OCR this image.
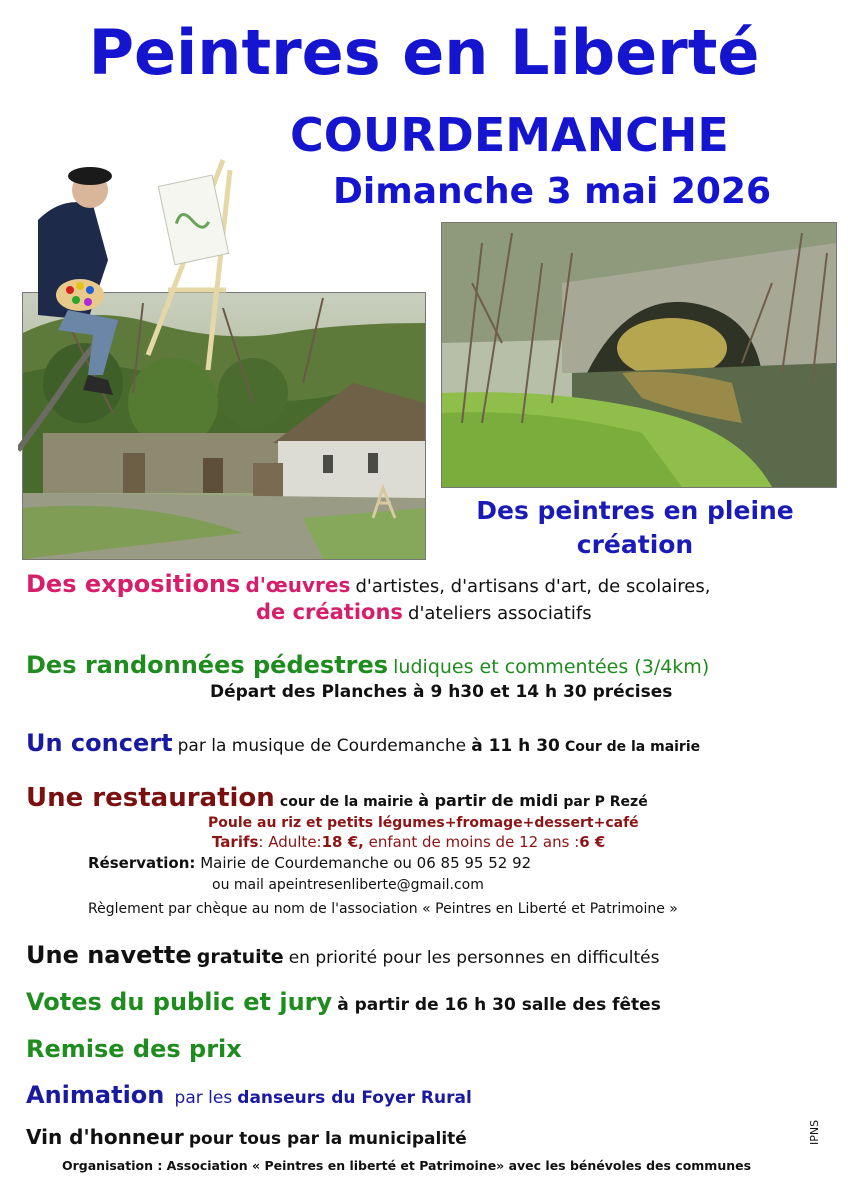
Peintres en Liberté
COURDEMANCHE
Dimanche 3 mai 2026
Des peintres en pleine
création
Des expositions d'œuvres d'artistes, d'artisans d'art, de scolaires,
de créations d'ateliers associatifs
Des randonnées pédestres ludiques et commentées (3/4km)
Départ des Planches à 9 h30 et 14 h 30 précises
Un concert par la musique de Courdemanche à 11 h 30 Cour de la mairie
Une restauration cour de la mairie à partir de midi par P Rezé
Poule au riz et petits légumes+fromage+dessert+café
Tarifs: Adulte:18 €, enfant de moins de 12 ans :6 €
Réservation: Mairie de Courdemanche ou 06 85 95 52 92
ou mail apeintresenliberte@gmail.com
Règlement par chèque au nom de l'association « Peintres en Liberté et Patrimoine »
Une navette gratuite en priorité pour les personnes en difficultés
Votes du public et jury à partir de 16 h 30 salle des fêtes
Remise des prix
Animation par les danseurs du Foyer Rural
Vin d'honneur pour tous par la municipalité
Organisation : Association « Peintres en liberté et Patrimoine» avec les bénévoles des communes
IPNS
